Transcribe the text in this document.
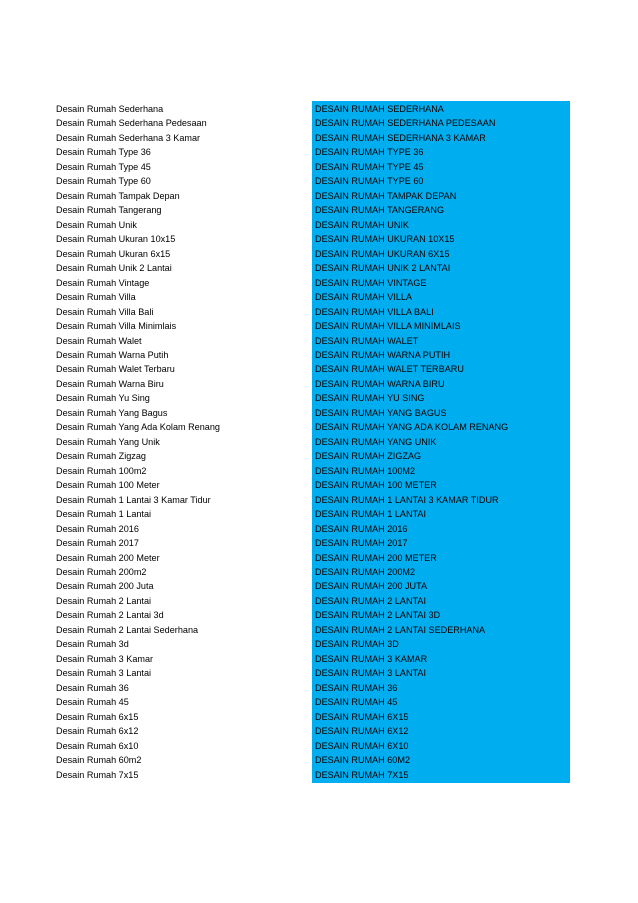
Desain Rumah Sederhana
Desain Rumah Sederhana Pedesaan
Desain Rumah Sederhana 3 Kamar
Desain Rumah Type 36
Desain Rumah Type 45
Desain Rumah Type 60
Desain Rumah Tampak Depan
Desain Rumah Tangerang
Desain Rumah Unik
Desain Rumah Ukuran 10x15
Desain Rumah Ukuran 6x15
Desain Rumah Unik 2 Lantai
Desain Rumah Vintage
Desain Rumah Villa
Desain Rumah Villa Bali
Desain Rumah Villa Minimlais
Desain Rumah Walet
Desain Rumah Warna Putih
Desain Rumah Walet Terbaru
Desain Rumah Warna Biru
Desain Rumah Yu Sing
Desain Rumah Yang Bagus
Desain Rumah Yang Ada Kolam Renang
Desain Rumah Yang Unik
Desain Rumah Zigzag
Desain Rumah 100m2
Desain Rumah 100 Meter
Desain Rumah 1 Lantai 3 Kamar Tidur
Desain Rumah 1 Lantai
Desain Rumah 2016
Desain Rumah 2017
Desain Rumah 200 Meter
Desain Rumah 200m2
Desain Rumah 200 Juta
Desain Rumah 2 Lantai
Desain Rumah 2 Lantai 3d
Desain Rumah 2 Lantai Sederhana
Desain Rumah 3d
Desain Rumah 3 Kamar
Desain Rumah 3 Lantai
Desain Rumah 36
Desain Rumah 45
Desain Rumah 6x15
Desain Rumah 6x12
Desain Rumah 6x10
Desain Rumah 60m2
Desain Rumah 7x15
DESAIN RUMAH SEDERHANA
DESAIN RUMAH SEDERHANA PEDESAAN
DESAIN RUMAH SEDERHANA 3 KAMAR
DESAIN RUMAH TYPE 36
DESAIN RUMAH TYPE 45
DESAIN RUMAH TYPE 60
DESAIN RUMAH TAMPAK DEPAN
DESAIN RUMAH TANGERANG
DESAIN RUMAH UNIK
DESAIN RUMAH UKURAN 10X15
DESAIN RUMAH UKURAN 6X15
DESAIN RUMAH UNIK 2 LANTAI
DESAIN RUMAH VINTAGE
DESAIN RUMAH VILLA
DESAIN RUMAH VILLA BALI
DESAIN RUMAH VILLA MINIMLAIS
DESAIN RUMAH WALET
DESAIN RUMAH WARNA PUTIH
DESAIN RUMAH WALET TERBARU
DESAIN RUMAH WARNA BIRU
DESAIN RUMAH YU SING
DESAIN RUMAH YANG BAGUS
DESAIN RUMAH YANG ADA KOLAM RENANG
DESAIN RUMAH YANG UNIK
DESAIN RUMAH ZIGZAG
DESAIN RUMAH 100M2
DESAIN RUMAH 100 METER
DESAIN RUMAH 1 LANTAI 3 KAMAR TIDUR
DESAIN RUMAH 1 LANTAI
DESAIN RUMAH 2016
DESAIN RUMAH 2017
DESAIN RUMAH 200 METER
DESAIN RUMAH 200M2
DESAIN RUMAH 200 JUTA
DESAIN RUMAH 2 LANTAI
DESAIN RUMAH 2 LANTAI 3D
DESAIN RUMAH 2 LANTAI SEDERHANA
DESAIN RUMAH 3D
DESAIN RUMAH 3 KAMAR
DESAIN RUMAH 3 LANTAI
DESAIN RUMAH 36
DESAIN RUMAH 45
DESAIN RUMAH 6X15
DESAIN RUMAH 6X12
DESAIN RUMAH 6X10
DESAIN RUMAH 60M2
DESAIN RUMAH 7X15
